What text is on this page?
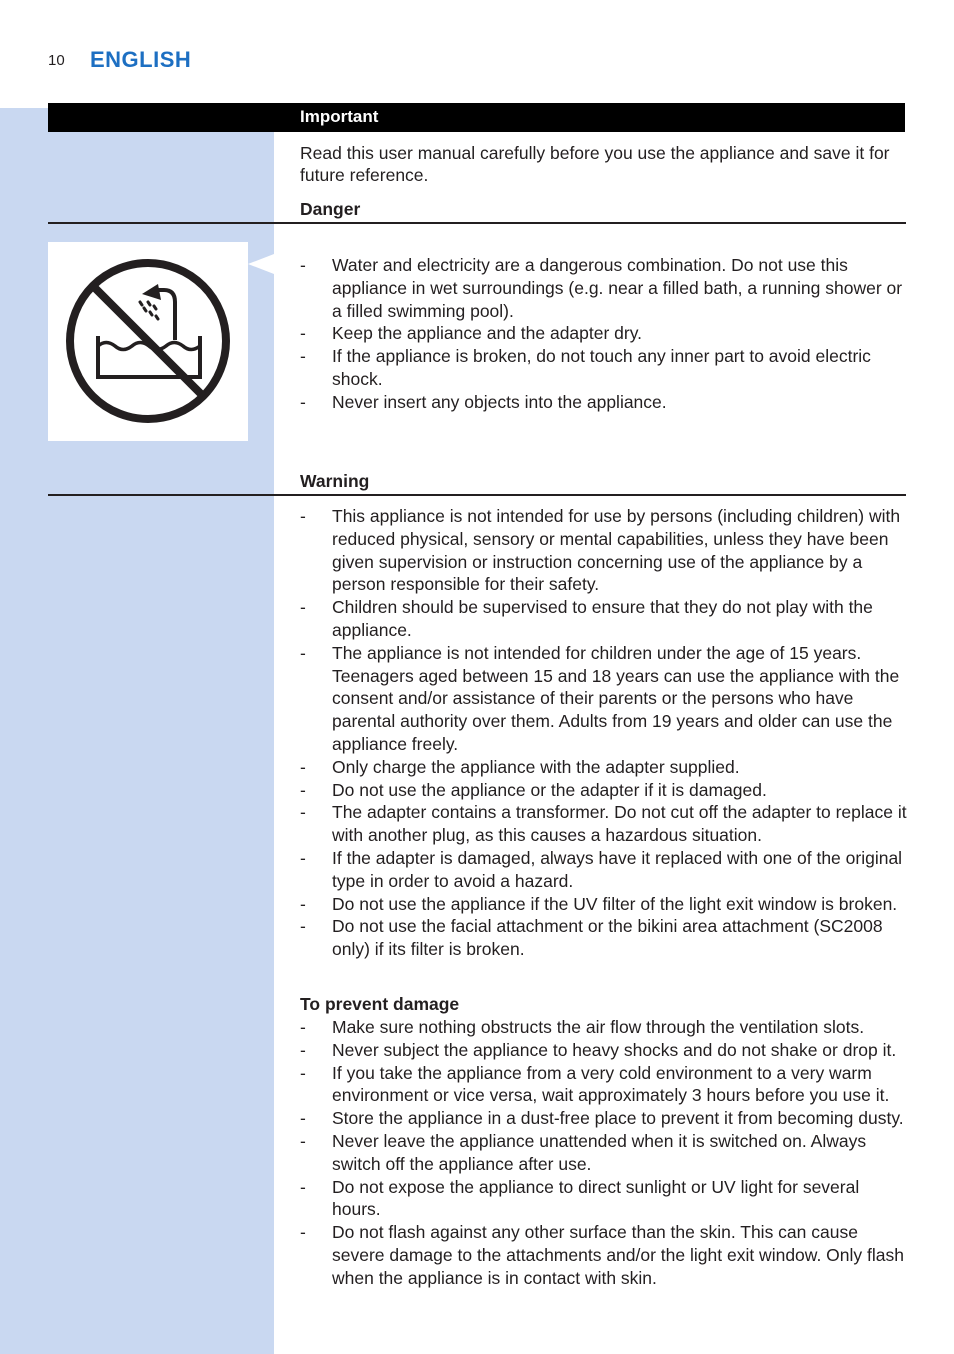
10 ENGLISH
Important
Read this user manual carefully before you use the appliance and save it for future reference.
Danger
- Water and electricity are a dangerous combination. Do not use this appliance in wet surroundings (e.g. near a filled bath, a running shower or a filled swimming pool).
- Keep the appliance and the adapter dry.
- If the appliance is broken, do not touch any inner part to avoid electric shock.
- Never insert any objects into the appliance.
Warning
- This appliance is not intended for use by persons (including children) with reduced physical, sensory or mental capabilities, unless they have been given supervision or instruction concerning use of the appliance by a person responsible for their safety.
- Children should be supervised to ensure that they do not play with the appliance.
- The appliance is not intended for children under the age of 15 years. Teenagers aged between 15 and 18 years can use the appliance with the consent and/or assistance of their parents or the persons who have parental authority over them. Adults from 19 years and older can use the appliance freely.
- Only charge the appliance with the adapter supplied.
- Do not use the appliance or the adapter if it is damaged.
- The adapter contains a transformer. Do not cut off the adapter to replace it with another plug, as this causes a hazardous situation.
- If the adapter is damaged, always have it replaced with one of the original type in order to avoid a hazard.
- Do not use the appliance if the UV filter of the light exit window is broken.
- Do not use the facial attachment or the bikini area attachment (SC2008 only) if its filter is broken.
To prevent damage
- Make sure nothing obstructs the air flow through the ventilation slots.
- Never subject the appliance to heavy shocks and do not shake or drop it.
- If you take the appliance from a very cold environment to a very warm environment or vice versa, wait approximately 3 hours before you use it.
- Store the appliance in a dust-free place to prevent it from becoming dusty.
- Never leave the appliance unattended when it is switched on. Always switch off the appliance after use.
- Do not expose the appliance to direct sunlight or UV light for several hours.
- Do not flash against any other surface than the skin. This can cause severe damage to the attachments and/or the light exit window. Only flash when the appliance is in contact with skin.
